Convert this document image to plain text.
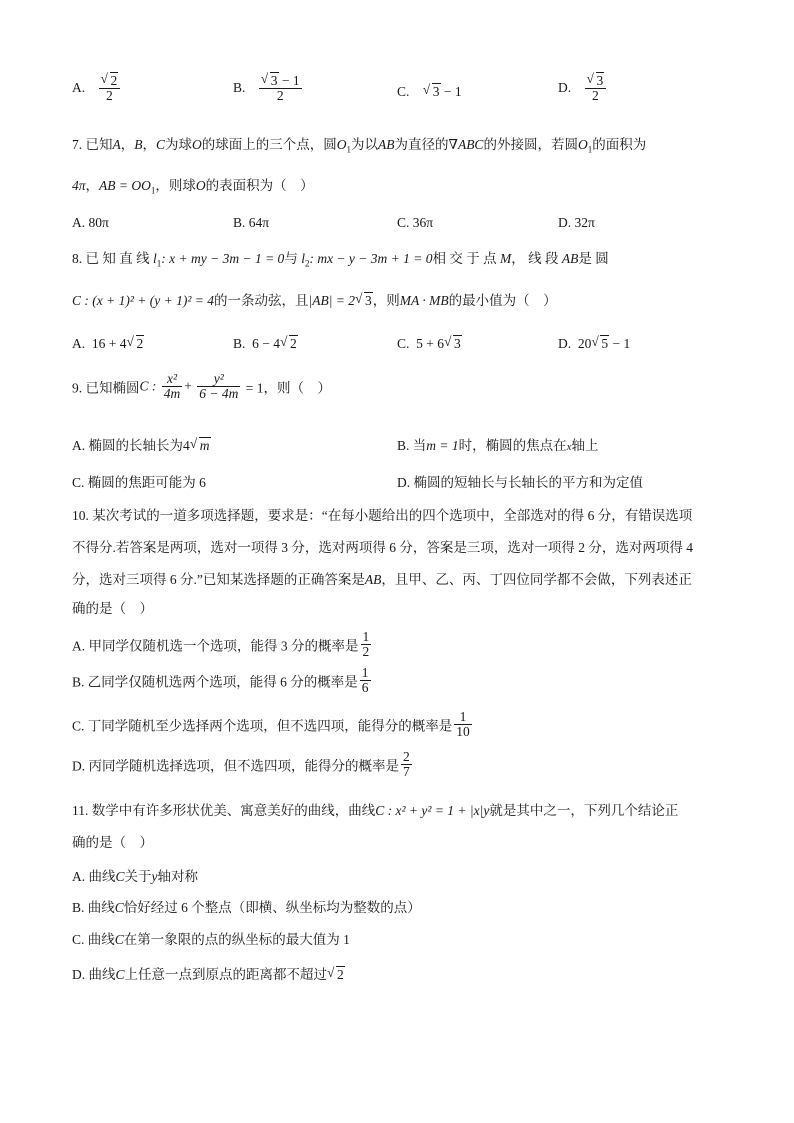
A. √ $\frac{2}{2}$	B. √ $\frac{3 - 1}{2}$	C. √ 3 − 1	D. √ $\frac{3}{2}$
7. 已知A，B，C为球O的球面上的三个点，圆$O_1$为以AB为直径的∇ABC的外接圆，若圆$O_1$的面积为
4π，AB = $OO_1$，则球O的表面积为（　）
A. 80π	B. 64π	C. 36π	D. 32π
8. 已 知 直 线 $l_1$: x + my − 3m − 1 = 0与 $l_2$: mx − y − 3m + 1 = 0相 交 于 点 M， 线 段 AB是 圆
C : (x + 1)² + (y + 1)² = 4的一条动弦，且|AB| = 2 √ 3，则MA · MB的最小值为（　）
A. 16 + 4 √ 2	B. 6 − 4 √ 2	C. 5 + 6 √ 3	D. 20 √ 5 − 1
9. 已知椭圆C : $\frac{\text{x²}}{4m} + \frac{\text{y²}}{6 - 4m} = 1$，则（　）
A. 椭圆的长轴长为4 √ m	B. 当m = 1时，椭圆的焦点在x轴上
C. 椭圆的焦距可能为 6	D. 椭圆的短轴长与长轴长的平方和为定值
10. 某次考试的一道多项选择题，要求是：“在每小题给出的四个选项中，全部选对的得 6 分，有错误选项
不得分.若答案是两项，选对一项得 3 分，选对两项得 6 分，答案是三项，选对一项得 2 分，选对两项得 4
分，选对三项得 6 分.”已知某选择题的正确答案是AB，且甲、乙、丙、丁四位同学都不会做，下列表述正
确的是（　）
A. 甲同学仅随机选一个选项，能得 3 分的概率是 $\frac{1}{2}$
B. 乙同学仅随机选两个选项，能得 6 分的概率是 $\frac{1}{6}$
C. 丁同学随机至少选择两个选项，但不选四项，能得分的概率是 $\frac{1}{10}$
D. 丙同学随机选择选项，但不选四项，能得分的概率是 $\frac{2}{7}$
11. 数学中有许多形状优美、寓意美好的曲线，曲线C : x² + y² = 1 + |x|y就是其中之一，下列几个结论正
确的是（　）
A. 曲线C关于y轴对称
B. 曲线C恰好经过 6 个整点（即横、纵坐标均为整数的点）
C. 曲线C在第一象限的点的纵坐标的最大值为 1
D. 曲线C上任意一点到原点的距离都不超过 √ 2
